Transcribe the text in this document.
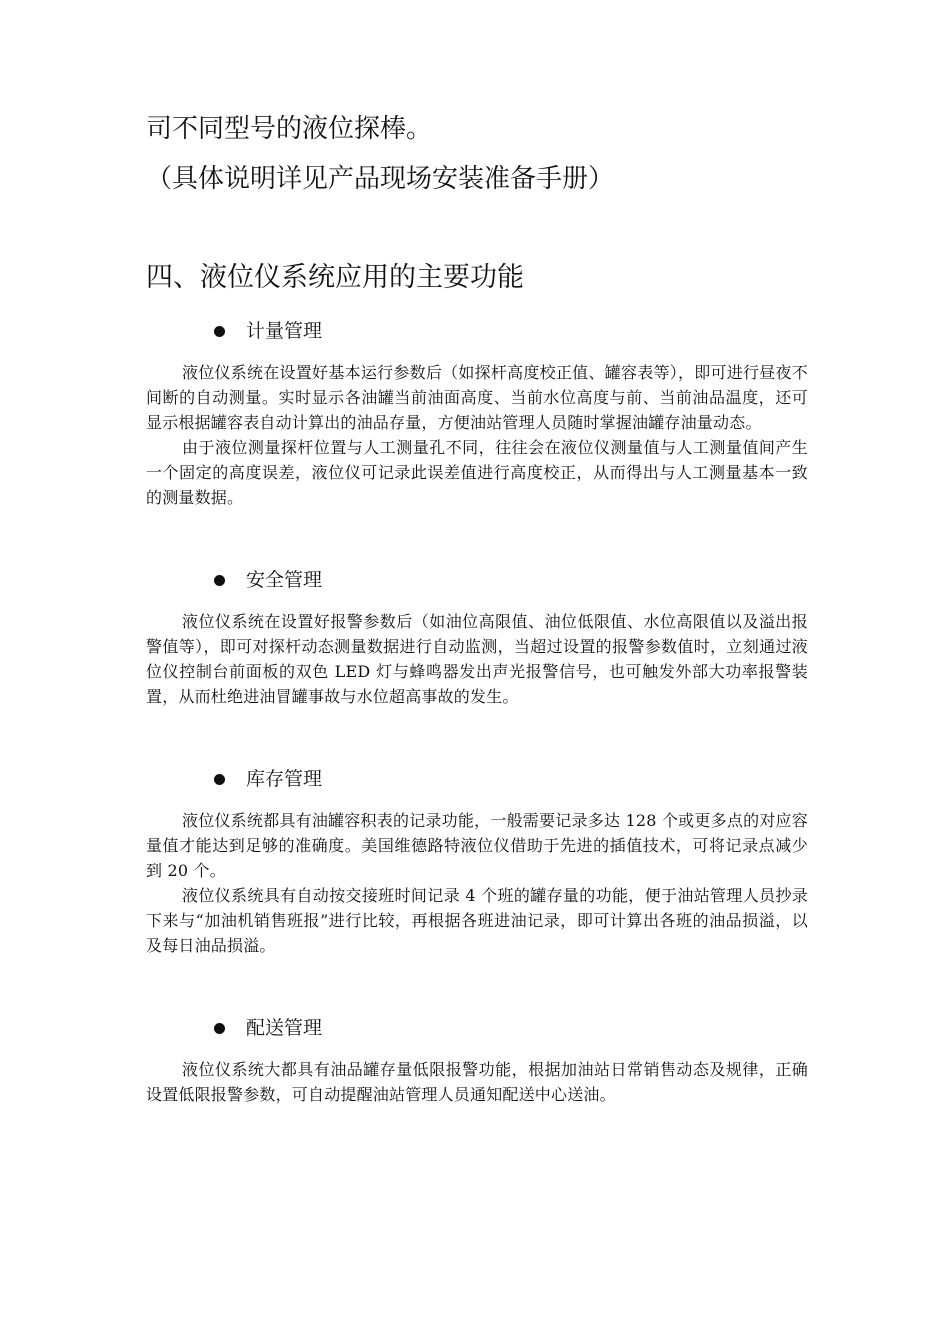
司不同型号的液位探棒。
（具体说明详见产品现场安装准备手册）
四、液位仪系统应用的主要功能
计量管理

液位仪系统在设置好基本运行参数后（如探杆高度校正值、罐容表等），即可进行昼夜不间断的自动测量。实时显示各油罐当前油面高度、当前水位高度与前、当前油品温度，还可显示根据罐容表自动计算出的油品存量，方便油站管理人员随时掌握油罐存油量动态。

由于液位测量探杆位置与人工测量孔不同，往往会在液位仪测量值与人工测量值间产生一个固定的高度误差，液位仪可记录此误差值进行高度校正，从而得出与人工测量基本一致的测量数据。

安全管理

液位仪系统在设置好报警参数后（如油位高限值、油位低限值、水位高限值以及溢出报警值等），即可对探杆动态测量数据进行自动监测，当超过设置的报警参数值时，立刻通过液位仪控制台前面板的双色 LED 灯与蜂鸣器发出声光报警信号，也可触发外部大功率报警装置，从而杜绝进油冒罐事故与水位超高事故的发生。

库存管理

液位仪系统都具有油罐容积表的记录功能，一般需要记录多达 128 个或更多点的对应容量值才能达到足够的准确度。美国维德路特液位仪借助于先进的插值技术，可将记录点减少到 20 个。

液位仪系统具有自动按交接班时间记录 4 个班的罐存量的功能，便于油站管理人员抄录下来与“加油机销售班报”进行比较，再根据各班进油记录，即可计算出各班的油品损溢，以及每日油品损溢。

配送管理

液位仪系统大都具有油品罐存量低限报警功能，根据加油站日常销售动态及规律，正确设置低限报警参数，可自动提醒油站管理人员通知配送中心送油。
